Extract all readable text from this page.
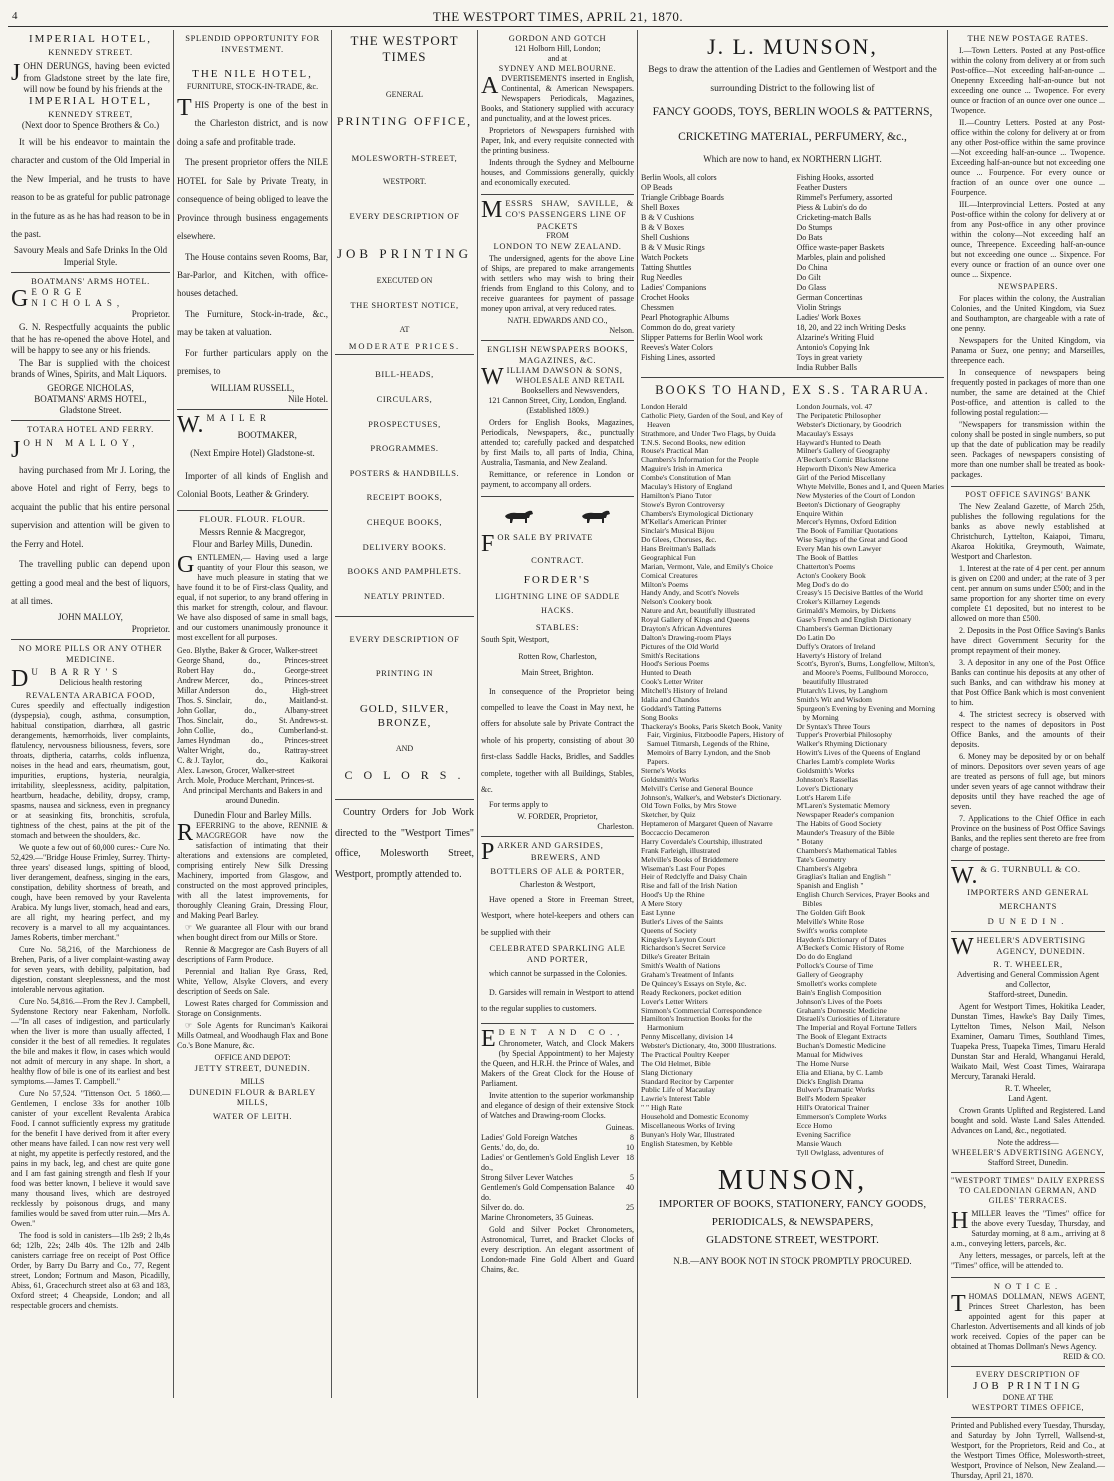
4	THE WESTPORT TIMES, APRIL 21, 1870.
IMPERIAL HOTEL,
KENNEDY STREET.
JOHN DERUNGS, having been evicted from Gladstone street by the late fire, will now be found by his friends at the
IMPERIAL HOTEL,
KENNEDY STREET,
(Next door to Spence Brothers & Co.)
It will be his endeavor to maintain the character and custom of the Old Imperial in the New Imperial, and he trusts to have reason to be as grateful for public patronage in the future as as he has had reason to be in the past.
Savoury Meals and Safe Drinks In the Old Imperial Style.
BOATMANS' ARMS HOTEL.
GEORGE NICHOLAS,
Proprietor.
G. N. Respectfully acquaints the public that he has re-opened the above Hotel, and will be happy to see any or his friends.
The Bar is supplied with the choicest brands of Wines, Spirits, and Malt Liquors.
GEORGE NICHOLAS,
BOATMANS' ARMS HOTEL,
Gladstone Street.
TOTARA HOTEL AND FERRY.
JOHN MALLOY,
having purchased from Mr J. Loring, the above Hotel and right of Ferry, begs to acquaint the public that his entire personal supervision and attention will be given to the Ferry and Hotel.
The travelling public can depend upon getting a good meal and the best of liquors, at all times.
JOHN MALLOY,
Proprietor.
NO MORE PILLS OR ANY OTHER MEDICINE.
D U BARRY'S
Delicious health restoring
REVALENTA ARABICA FOOD,
Cures speedily and effectually indigestion (dyspepsia), cough, asthma, consumption, habitual constipation, diarrhœa, all gastric derangements, hæmorrhoids, liver complaints, flatulency, nervousness biliousness, fevers, sore throats, diptheria, catarrhs, colds influenza, noises in the head and ears, rheumatism, gout, impurities, eruptions, hysteria, neuralgia, irritability, sleeplessness, acidity, palpitation, heartburn, headache, debility, dropsy, cramp, spasms, nausea and sickness, even in pregnancy or at seasinking fits, bronchitis, scrofula, tightness of the chest, pains at the pit of the stomach and between the shoulders, &c.
We quote a few out of 60,000 cures:- Cure No. 52,429.—"Bridge House Frimley, Surrey. Thirty-three years' diseased lungs, spitting of blood, liver derangement, deafness, singing in the ears, constipation, debility shortness of breath, and cough, have been removed by your Ravelenta Arabica. My lungs liver, stomach, head and ears, are all right, my hearing perfect, and my recovery is a marvel to all my acquaintances. James Roberts, timber merchant."
Cure No. 58,216, of the Marchioness de Brehen, Paris, of a liver complaint-wasting away for seven years, with debility, palpitation, bad digestion, constant sleeplessness, and the most intolerable nervous agitation.
Cure No. 54,816.—From the Rev J. Campbell, Sydenstone Rectory near Fakenham, Norfolk.—"In all cases of indigestion, and particularly when the liver is more than usually affected, I consider it the best of all remedies. It regulates the bile and makes it flow, in cases which would not admit of mercury in any shape. In short, a healthy flow of bile is one of its earliest and best symptoms.—James T. Campbell."
Cure No 57,524. "Tittenson Oct. 5 1860.—Gentlemen, I enclose 33s for another 10lb canister of your excellent Revalenta Arabica Food. I cannot sufficiently express my gratitude for the benefit I have derived from it after every other means have failed. I can now rest very well at night, my appetite is perfectly restored, and the pains in my back, leg, and chest are quite gone and I am fast gaining strength and flesh If your food was better known, I believe it would save many thousand lives, which are destroyed recklessly by poisonous drugs, and many families would be saved from utter ruin.—Mrs A. Owen."
The food is sold in canisters—1lb 2s9; 2 lb,4s 6d; 12lb, 22s; 24lb 40s. The 12lb and 24lb canisters carriage free on receipt of Post Office Order, by Barry Du Barry and Co., 77, Regent street, London; Fortnum and Mason, Picadilly, Abiss, 61, Gracechurch street also at 63 and 183, Oxford street; 4 Cheapside, London; and all respectable grocers and chemists.
SPLENDID OPPORTUNITY FOR INVESTMENT.
THE NILE HOTEL,
FURNITURE, STOCK-IN-TRADE, &c.
THIS Property is one of the best in the Charleston district, and is now doing a safe and profitable trade.
The present proprietor offers the NILE HOTEL for Sale by Private Treaty, in consequence of being obliged to leave the Province through business engagements elsewhere.
The House contains seven Rooms, Bar, Bar-Parlor, and Kitchen, with office-houses detached.
The Furniture, Stock-in-trade, &c., may be taken at valuation.
For further particulars apply on the premises, to
WILLIAM RUSSELL,
Nile Hotel.
W. MAILER
BOOTMAKER,
(Next Empire Hotel) Gladstone-st.
Importer of all kinds of English and Colonial Boots, Leather & Grindery.
FLOUR. FLOUR. FLOUR.
Messrs Rennie & Macgregor,
Flour and Barley Mills, Dunedin.
GENTLEMEN,— Having used a large quantity of your Flour this season, we have much pleasure in stating that we have found it to be of First-class Quality, and equal, if not superior, to any brand offering in this market for strength, colour, and flavour. We have also disposed of same in small bags, and our customers unanimously pronounce it most excellent for all purposes.
Geo. Blythe, Baker & Grocer, Walker-street
George Shand,	do.,	Princes-street
Robert Hay	do.,	George-street
Andrew Mercer,	do.,	Princes-street
Millar Anderson	do.,	High-street
Thos. S. Sinclair,	do.,	Maitland-st.
John Gollar,	do.,	Albany-street
Thos. Sinclair,	do.,	St. Andrews-st.
John Collie,	do.,	Cumberland-st.
James Hyndman	do.,	Princes-street
Walter Wright,	do.,	Rattray-street
C. & J. Taylor,	do.,	Kaikorai
Alex. Lawson, Grocer, Walker-street
Arch. Mole, Produce Merchant, Princes-st.
And principal Merchants and Bakers in and around Dunedin.
Dunedin Flour and Barley Mills.
REFERRING to the above, RENNIE & MACGREGOR have now the satisfaction of intimating that their alterations and extensions are completed, comprising entirely New Silk Dressing Machinery, imported from Glasgow, and constructed on the most approved principles, with all the latest improvements, for thoroughly Cleaning Grain, Dressing Flour, and Making Pearl Barley.
☞ We guarantee all Flour with our brand when bought direct from our Mills or Store.
Rennie & Macgregor are Cash Buyers of all descriptions of Farm Produce.
Perennial and Italian Rye Grass, Red, White, Yellow, Alsyke Clovers, and every description of Seeds on Sale.
Lowest Rates charged for Commission and Storage on Consignments.
☞ Sole Agents for Runciman's Kaikorai Mills Oatmeal, and Woodhaugh Flax and Bone Co.'s Bone Manure, &c.
OFFICE AND DEPOT:
JETTY STREET, DUNEDIN.
MILLS
DUNEDIN FLOUR & BARLEY MILLS,
WATER OF LEITH.
THE WESTPORT TIMES
GENERAL
PRINTING OFFICE,
MOLESWORTH-STREET,
WESTPORT.
EVERY DESCRIPTION OF
JOB PRINTING
EXECUTED ON
THE SHORTEST NOTICE,
AT
MODERATE PRICES.
BILL-HEADS,
CIRCULARS,
PROSPECTUSES,
PROGRAMMES.
POSTERS & HANDBILLS.
RECEIPT BOOKS,
CHEQUE BOOKS,
DELIVERY BOOKS.
BOOKS AND PAMPHLETS.
NEATLY PRINTED.
EVERY DESCRIPTION OF
PRINTING IN
GOLD, SILVER, BRONZE,
AND
C O L O R S .
Country Orders for Job Work directed to the "Westport Times" office, Molesworth Street, Westport, promptly attended to.
GORDON AND GOTCH
121 Holborn Hill, London;
and at
SYDNEY AND MELBOURNE.
ADVERTISEMENTS inserted in English, Continental, & American Newspapers. Newspapers Periodicals, Magazines, Books, and Stationery supplied with accuracy and punctuality, and at the lowest prices.
Proprietors of Newspapers furnished with Paper, Ink, and every requisite connected with the printing business.
Indents through the Sydney and Melbourne houses, and Commissions generally, quickly and economically executed.
MESSRS SHAW, SAVILLE, & CO'S PASSENGERS LINE OF
PACKETS
FROM
LONDON TO NEW ZEALAND.
The undersigned, agents for the above Line of Ships, are prepared to make arrangements with settlers who may wish to bring their friends from England to this Colony, and to receive guarantees for payment of passage money upon arrival, at very reduced rates.
NATH. EDWARDS AND CO.,
Nelson.
ENGLISH NEWSPAPERS BOOKS, MAGAZINES, &C.
WILLIAM DAWSON & SONS,
WHOLESALE AND RETAIL
Booksellers and Newsvenders,
121 Cannon Street, City, London, England.
(Established 1809.)
Orders for English Books, Magazines, Periodicals, Newspapers, &c., punctually attended to; carefully packed and despatched by first Mails to, all parts of India, China, Australia, Tasmania, and New Zealand.
Remittance, or reference in London or payment, to accompany all orders.
FOR SALE BY PRIVATE
CONTRACT.
FORDER'S
LIGHTNING LINE OF SADDLE
HACKS.
STABLES:
South Spit, Westport,
Rotten Row, Charleston,
Main Street, Brighton.
In consequence of the Proprietor being compelled to leave the Coast in May next, he offers for absolute sale by Private Contract the whole of his property, consisting of about 30 first-class Saddle Hacks, Bridles, and Saddles complete, together with all Buildings, Stables, &c.
For terms apply to
W. FORDER, Proprietor,
Charleston.
PARKER AND GARSIDES,
BREWERS, AND
BOTTLERS OF ALE & PORTER,
Charleston & Westport,
Have opened a Store in Freeman Street, Westport, where hotel-keepers and others can be supplied with their
CELEBRATED SPARKLING ALE
AND PORTER,
which cannot be surpassed in the Colonies.
D. Garsides will remain in Westport to attend to the regular supplies to customers.
EDENT AND CO.,
Chronometer, Watch, and Clock Makers (by Special Appointment) to her Majesty the Queen, and H.R.H. the Prince of Wales, and Makers of the Great Clock for the House of Parliament.
Invite attention to the superior workmanship and elegance of design of their extensive Stock of Watches and Drawing-room Clocks.
Guineas.
Ladies' Gold Foreign Watches	8
Gents.' do, do, do.	10
Ladies' or Gentlemen's Gold English Lever do.,
18
Strong Silver Lever Watches	5
Gentlemen's Gold Compensation Balance do.
40
Silver do. do.	25
Marine Chronometers, 35 Guineas.
Gold and Silver Pocket Chronometers, Astronomical, Turret, and Bracket Clocks of every description. An elegant assortment of London-made Fine Gold Albert and Guard Chains, &c.
J. L. MUNSON,
Begs to draw the attention of the Ladies and Gentlemen of Westport and the surrounding District to the following list of
FANCY GOODS, TOYS, BERLIN WOOLS & PATTERNS,
CRICKETING MATERIAL, PERFUMERY, &c.,
Which are now to hand, ex NORTHERN LIGHT.
Berlin Wools, all colors
OP Beads
Triangle Cribbage Boards
Shell Boxes
B & V Cushions
B & V Boxes
Shell Cushions
B & V Music Rings
Watch Pockets
Tatting Shuttles
Rug Needles
Ladies' Companions
Crochet Hooks
Chessmen
Pearl Photographic Albums
Common do do, great variety
Slipper Patterns for Berlin Wool work
Reeves's Water Colors
Fishing Lines, assorted
Fishing Hooks, assorted
Feather Dusters
Rimmel's Perfumery, assorted
Piess & Lubin's do do
Cricketing-match Balls
Do Stumps
Do Bats
Office waste-paper Baskets
Marbles, plain and polished
Do China
Do Gilt
Do Glass
German Concertinas
Violin Strings
Ladies' Work Boxes
18, 20, and 22 inch Writing Desks
Alzarine's Writing Fluid
Antonio's Copying Ink
Toys in great variety
India Rubber Balls
BOOKS TO HAND, EX S.S. TARARUA.
London Herald
Catholic Piety, Garden of the Soul, and Key of Heaven
Strathmore, and Under Two Flags, by Ouida
T.N.S. Second Books, new edition
Rouse's Practical Man
Chambers's Information for the People
Maguire's Irish in America
Combe's Constitution of Man
Maculay's History of England
Hamilton's Piano Tutor
Stowe's Byron Controversy
Chambers's Etymological Dictionary
M'Kellar's American Printer
Sinclair's Musical Bijou
Do Glees, Choruses, &c.
Hans Breitman's Ballads
Geographical Fun
Marian, Vermont, Vale, and Emily's Choice
Comical Creatures
Milton's Poems
Handy Andy, and Scott's Novels
Nelson's Cookery book
Nature and Art, beautifully illustrated
Royal Gallery of Kings and Queens
Drayton's African Adventures
Dalton's Drawing-room Plays
Pictures of the Old World
Smith's Recitations
Hood's Serious Poems
Hunted to Death
Cook's Letter Writer
Mitchell's History of Ireland
Idalia and Chandos
Goddard's Tatting Patterns
Song Books
Thackeray's Books, Paris Sketch Book, Vanity Fair, Virginius, Fitzboodle Papers, History of Samuel Titmarsh, Legends of the Rhine, Memoirs of Barry Lyndon, and the Snob Papers.
Sterne's Works
Goldsmith's Works
Melvill's Cerise and General Bounce
Johnson's, Walker's, and Webster's Dictionary.
Old Town Folks, by Mrs Stowe
Sketcher, by Quiz
Heptameron of Margaret Queen of Navarre
Boccaccio Decameron
Harry Coverdale's Courtship, illustrated
Frank Farleigh, illustrated
Melville's Books of Briddemere
Wiseman's Last Four Popes
Heir of Redclyffe and Daisy Chain
Rise and fall of the Irish Nation
Hood's Up the Rhine
A Mere Story
East Lynne
Butler's Lives of the Saints
Queens of Society
Kingsley's Leyton Court
Richardson's Secret Service
Dilke's Greater Britain
Smith's Wealth of Nations
Graham's Treatment of Infants
De Quincey's Essays on Style, &c.
Ready Reckoners, pocket edition
Lover's Letter Writers
Simmon's Commercial Correspondence
Hamilton's Instruction Books for the Harmonium
Penny Miscellany, division 14
Webster's Dictionary, 4to, 3000 Illustrations.
The Practical Poultry Keeper
The Old Helmet, Bible
Slang Dictionary
Standard Recitor by Carpenter
Public Life of Macaulay
Lawrie's Interest Table
" " High Rate
Household and Domestic Economy
Miscellaneous Works of Irving
Bunyan's Holy War, Illustrated
English Statesmen, by Kebble
London Journals, vol. 47
The Peripatetic Philosopher
Webster's Dictionary, by Goodrich
Macaulay's Essays
Hayward's Hunted to Death
Milner's Gallery of Geography
A'Beckett's Comic Blackstone
Hepworth Dixon's New America
Girl of the Period Miscellany
Whyte Melville, Bones and I, and Queen Maries
New Mysteries of the Court of London
Beeton's Dictionary of Geography
Enquire Within
Mercer's Hymns, Oxford Edition
The Book of Familiar Quotations
Wise Sayings of the Great and Good
Every Man his own Lawyer
The Book of Battles
Chatterton's Poems
Acton's Cookery Book
Meg Dod's do do
Creasy's 15 Decisive Battles of the World
Croker's Killarney Legends
Grimaldi's Memoirs, by Dickens
Gase's French and English Dictionary
Chambers's German Dictionary
Do Latin Do
Duffy's Orators of Ireland
Haverty's History of Ireland
Scott's, Byron's, Burns, Longfellow, Milton's, and Moore's Poems, Fullbound Morocco, beautifully Illustrated
Plutarch's Lives, by Langhorn
Smith's Wit and Wisdom
Spurgeon's Evening by Evening and Morning by Morning
Dr Syntax's Three Tours
Tupper's Proverbial Philosophy
Walker's Rhyming Dictionary
Howitt's Lives of the Queens of England
Charles Lamb's complete Works
Goldsmith's Works
Johnston's Rassellas
Lover's Dictionary
Lott's Harem Life
M'Laren's Systematic Memory
Newspaper Reader's companion
The Habits of Good Society
Maunder's Treasury of the Bible
" Botany
Chambers's Mathematical Tables
Tate's Geometry
Chambers's Algebra
Graglias's Italian and English "
Spanish and English "
English Church Services, Prayer Books and Bibles
The Golden Gift Book
Melville's White Rose
Swift's works complete
Hayden's Dictionary of Dates
A'Becket's Comic History of Rome
Do do do England
Pollock's Course of Time
Gallery of Geography
Smollett's works complete
Bain's English Composition
Johnson's Lives of the Poets
Graham's Domestic Medicine
Disraeli's Curiosities of Literature
The Imperial and Royal Fortune Tellers
The Book of Elegant Extracts
Buchan's Domestic Medicine
Manual for Midwives
The Home Nurse
Elia and Eliana, by C. Lamb
Dick's English Drama
Bulwer's Dramatic Works
Bell's Modern Speaker
Hill's Oratorical Trainer
Emmerson's Complete Works
Ecce Homo
Evening Sacrifice
Mansie Wauch
Tyll Owlglass, adventures of
MUNSON,
IMPORTER OF BOOKS, STATIONERY, FANCY GOODS,
PERIODICALS, & NEWSPAPERS,
GLADSTONE STREET, WESTPORT.
N.B.—ANY BOOK NOT IN STOCK PROMPTLY PROCURED.
THE NEW POSTAGE RATES.
I.—Town Letters. Posted at any Post-office within the colony from delivery at or from such Post-office—Not exceeding half-an-ounce ... Onepenny Exceeding half-an-ounce but not exceeding one ounce ... Twopence. For every ounce or fraction of an ounce over one ounce ... Twopence.
II.—Country Letters. Posted at any Post-office within the colony for delivery at or from any other Post-office within the same province—Not exceeding half-an-ounce ... Twopence. Exceeding half-an-ounce but not exceeding one ounce ... Fourpence. For every ounce or fraction of an ounce over one ounce ... Fourpence.
III.—Interprovincial Letters. Posted at any Post-office within the colony for delivery at or from any Post-office in any other province within the colony—Not exceeding half an ounce, Threepence. Exceeding half-an-ounce but not exceeding one ounce ... Sixpence. For every ounce or fraction of an ounce over one ounce ... Sixpence.
NEWSPAPERS.
For places within the colony, the Australian Colonies, and the United Kingdom, via Suez and Southampton, are chargeable with a rate of one penny.
Newspapers for the United Kingdom, via Panama or Suez, one penny; and Marseilles, threepence each.
In consequence of newspapers being frequently posted in packages of more than one number, the same are detained at the Chief Post-office, and attention is called to the following postal regulation:—
"Newspapers for transmission within the colony shall be posted in single numbers, so put up that the date of publication may be readily seen. Packages of newspapers consisting of more than one number shall be treated as book-packages.
POST OFFICE SAVINGS' BANK
The New Zealand Gazette, of March 25th, publishes the following regulations for the banks as above newly established at Christchurch, Lyttelton, Kaiapoi, Timaru, Akaroa Hokitika, Greymouth, Waimate, Westport and Charleston.
1. Interest at the rate of 4 per cent. per annum is given on £200 and under; at the rate of 3 per cent. per annum on sums under £500; and in the same proportion for any shorter time on every complete £1 deposited, but no interest to be allowed on more than £500.
2. Deposits in the Post Office Saving's Banks have direct Government Security for the prompt repayment of their money.
3. A depositor in any one of the Post Office Banks can continue his deposits at any other of such Banks, and can withdraw his money at that Post Office Bank which is most convenient to him.
4. The strictest secrecy is observed with respect to the names of depositors in Post Office Banks, and the amounts of their deposits.
6. Money may be deposited by or on behalf of minors. Depositors over seven years of age are treated as persons of full age, but minors under seven years of age cannot withdraw their deposits until they have reached the age of seven.
7. Applications to the Chief Office in each Province on the business of Post Office Savings Banks, and the replies sent thereto are free from charge of postage.
W. & G. TURNBULL & CO.
IMPORTERS AND GENERAL
MERCHANTS
DUNEDIN.
WHEELER'S ADVERTISING
AGENCY, DUNEDIN.
R. T. WHEELER,
Advertising and General Commission Agent and Collector,
Stafford-street, Dunedin.
Agent for Westport Times, Hokitika Leader, Dunstan Times, Hawke's Bay Daily Times, Lyttelton Times, Nelson Mail, Nelson Examiner, Oamaru Times, Southland Times, Tuapeka Press, Tuapeka Times, Timaru Herald Dunstan Star and Herald, Whanganui Herald, Waikato Mail, West Coast Times, Wairarapa Mercury, Taranaki Herald.
R. T. Wheeler,
Land Agent.
Crown Grants Uplifted and Registered. Land bought and sold. Waste Land Sales Attended. Advances on Land, &c., negotiated.
Note the address—
WHEELER'S ADVERTISING AGENCY,
Stafford Street, Dunedin.
"WESTPORT TIMES" DAILY EXPRESS TO CALEDONIAN GERMAN, AND GILES' TERRACES.
HMILLER leaves the "Times" office for the above every Tuesday, Thursday, and Saturday morning, at 8 a.m., arriving at 8 a.m., conveying letters, parcels, &c.
Any letters, messages, or parcels, left at the "Times" office, will be attended to.
NOTICE.
THOMAS DOLLMAN, NEWS AGENT, Princes Street Charleston, has been appointed agent for this paper at Charleston. Advertisements and all kinds of job work received. Copies of the paper can be obtained at Thomas Dollman's News Agency.
REID & CO.
EVERY DESCRIPTION OF
JOB PRINTING
DONE AT THE
WESTPORT TIMES OFFICE,
Printed and Published every Tuesday, Thursday, and Saturday by John Tyrrell, Wallsend-st, Westport, for the Proprietors, Reid and Co., at the Westport Times Office, Molesworth-street, Westport, Province of Nelson, New Zealand.—Thursday, April 21, 1870.
